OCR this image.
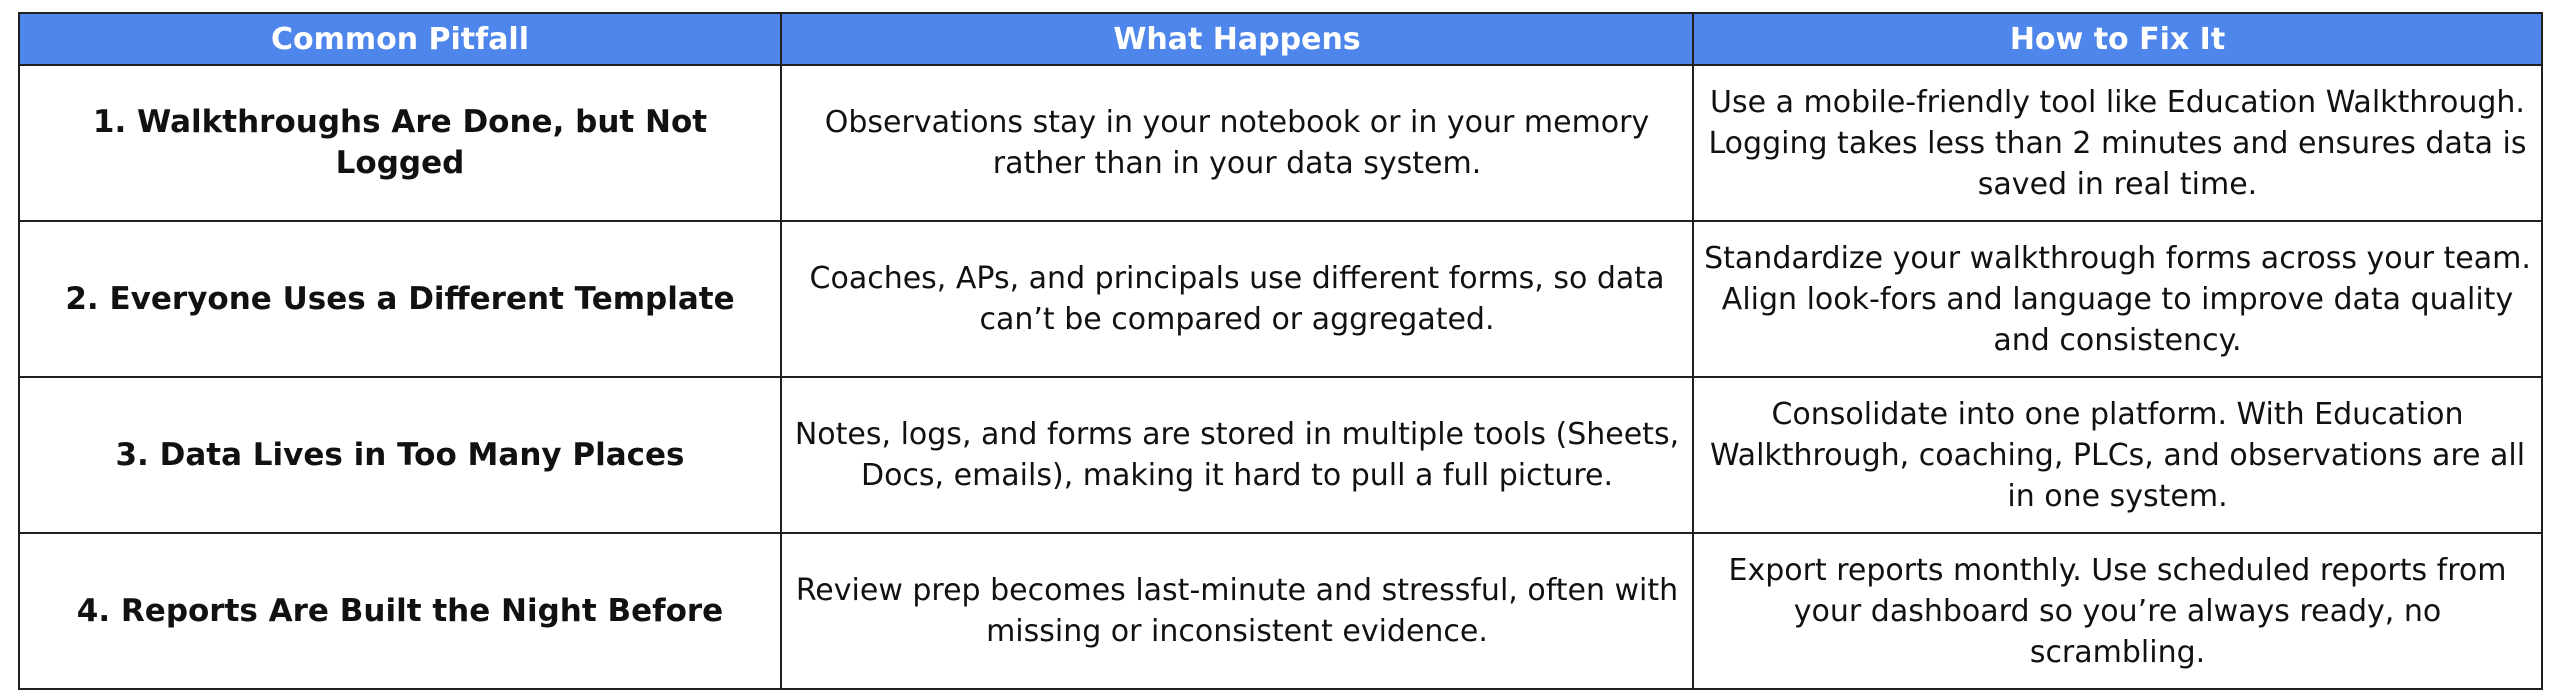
Common Pitfall	What Happens	How to Fix It
1. Walkthroughs Are Done, but Not Logged	Observations stay in your notebook or in your memory rather than in your data system.	Use a mobile-friendly tool like Education Walkthrough. Logging takes less than 2 minutes and ensures data is saved in real time.
2. Everyone Uses a Different Template	Coaches, APs, and principals use different forms, so data can’t be compared or aggregated.	Standardize your walkthrough forms across your team. Align look-fors and language to improve data quality and consistency.
3. Data Lives in Too Many Places	Notes, logs, and forms are stored in multiple tools (Sheets, Docs, emails), making it hard to pull a full picture.	Consolidate into one platform. With Education Walkthrough, coaching, PLCs, and observations are all in one system.
4. Reports Are Built the Night Before	Review prep becomes last-minute and stressful, often with missing or inconsistent evidence.	Export reports monthly. Use scheduled reports from your dashboard so you’re always ready, no scrambling.
